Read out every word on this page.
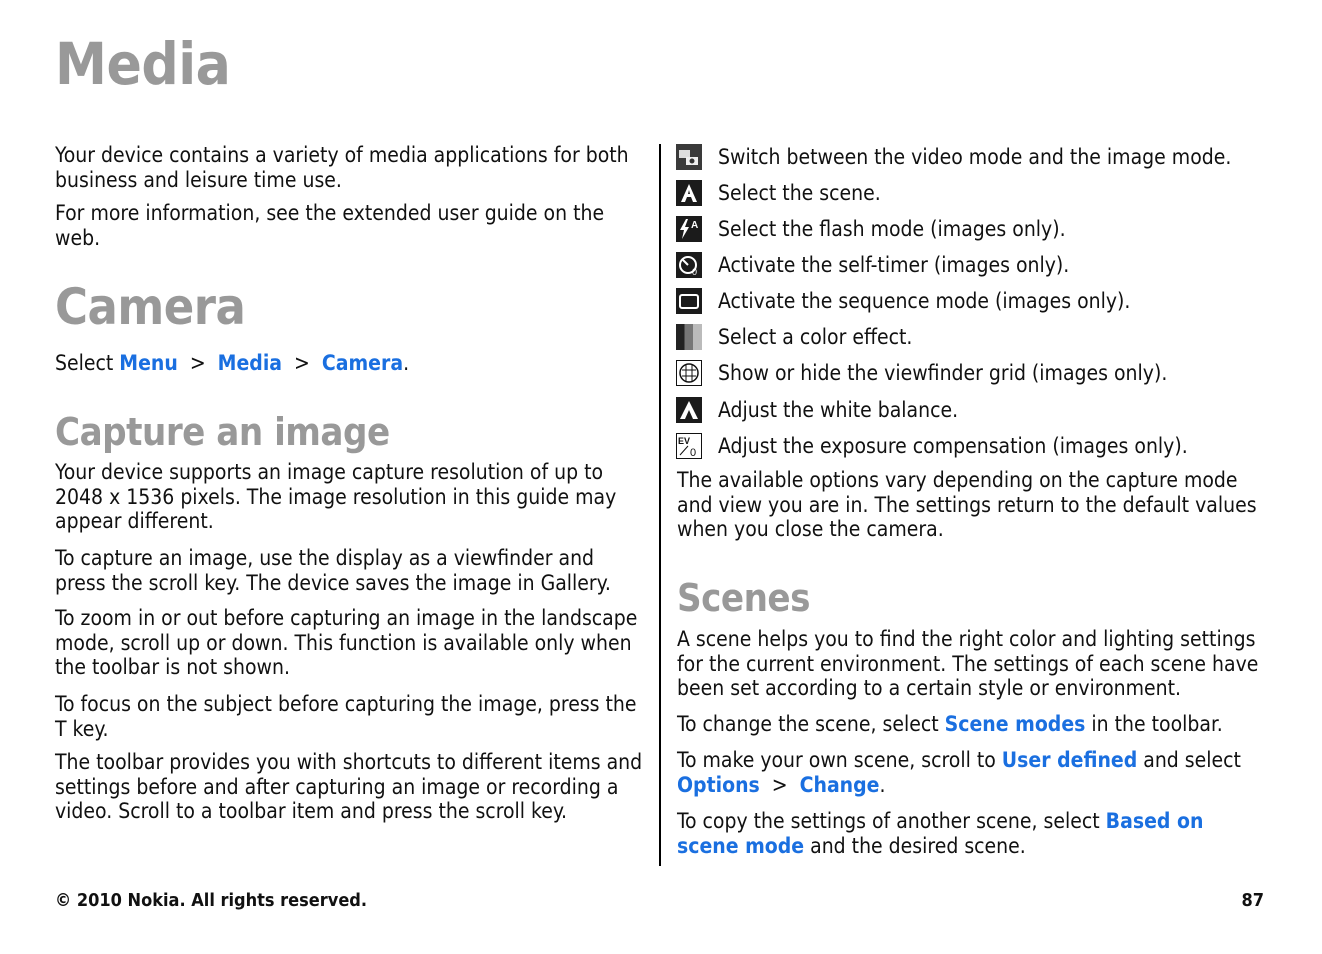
Media

Your device contains a variety of media applications for both business and leisure time use.

For more information, see the extended user guide on the web.

Camera

Select Menu > Media > Camera.

Capture an image

Your device supports an image capture resolution of up to 2048 x 1536 pixels. The image resolution in this guide may appear different.

To capture an image, use the display as a viewfinder and press the scroll key. The device saves the image in Gallery.

To zoom in or out before capturing an image in the landscape mode, scroll up or down. This function is available only when the toolbar is not shown.

To focus on the subject before capturing the image, press the T key.

The toolbar provides you with shortcuts to different items and settings before and after capturing an image or recording a video. Scroll to a toolbar item and press the scroll key.

Switch between the video mode and the image mode.
Select the scene.
A Select the flash mode (images only).
0 Activate the self-timer (images only).
Activate the sequence mode (images only).
Select a color effect.
Show or hide the viewfinder grid (images only).
Adjust the white balance.
EV
0 Adjust the exposure compensation (images only).

The available options vary depending on the capture mode and view you are in. The settings return to the default values when you close the camera.

Scenes

A scene helps you to find the right color and lighting settings for the current environment. The settings of each scene have been set according to a certain style or environment.

To change the scene, select Scene modes in the toolbar.

To make your own scene, scroll to User defined and select Options > Change.

To copy the settings of another scene, select Based on scene mode and the desired scene.

© 2010 Nokia. All rights reserved.	87
